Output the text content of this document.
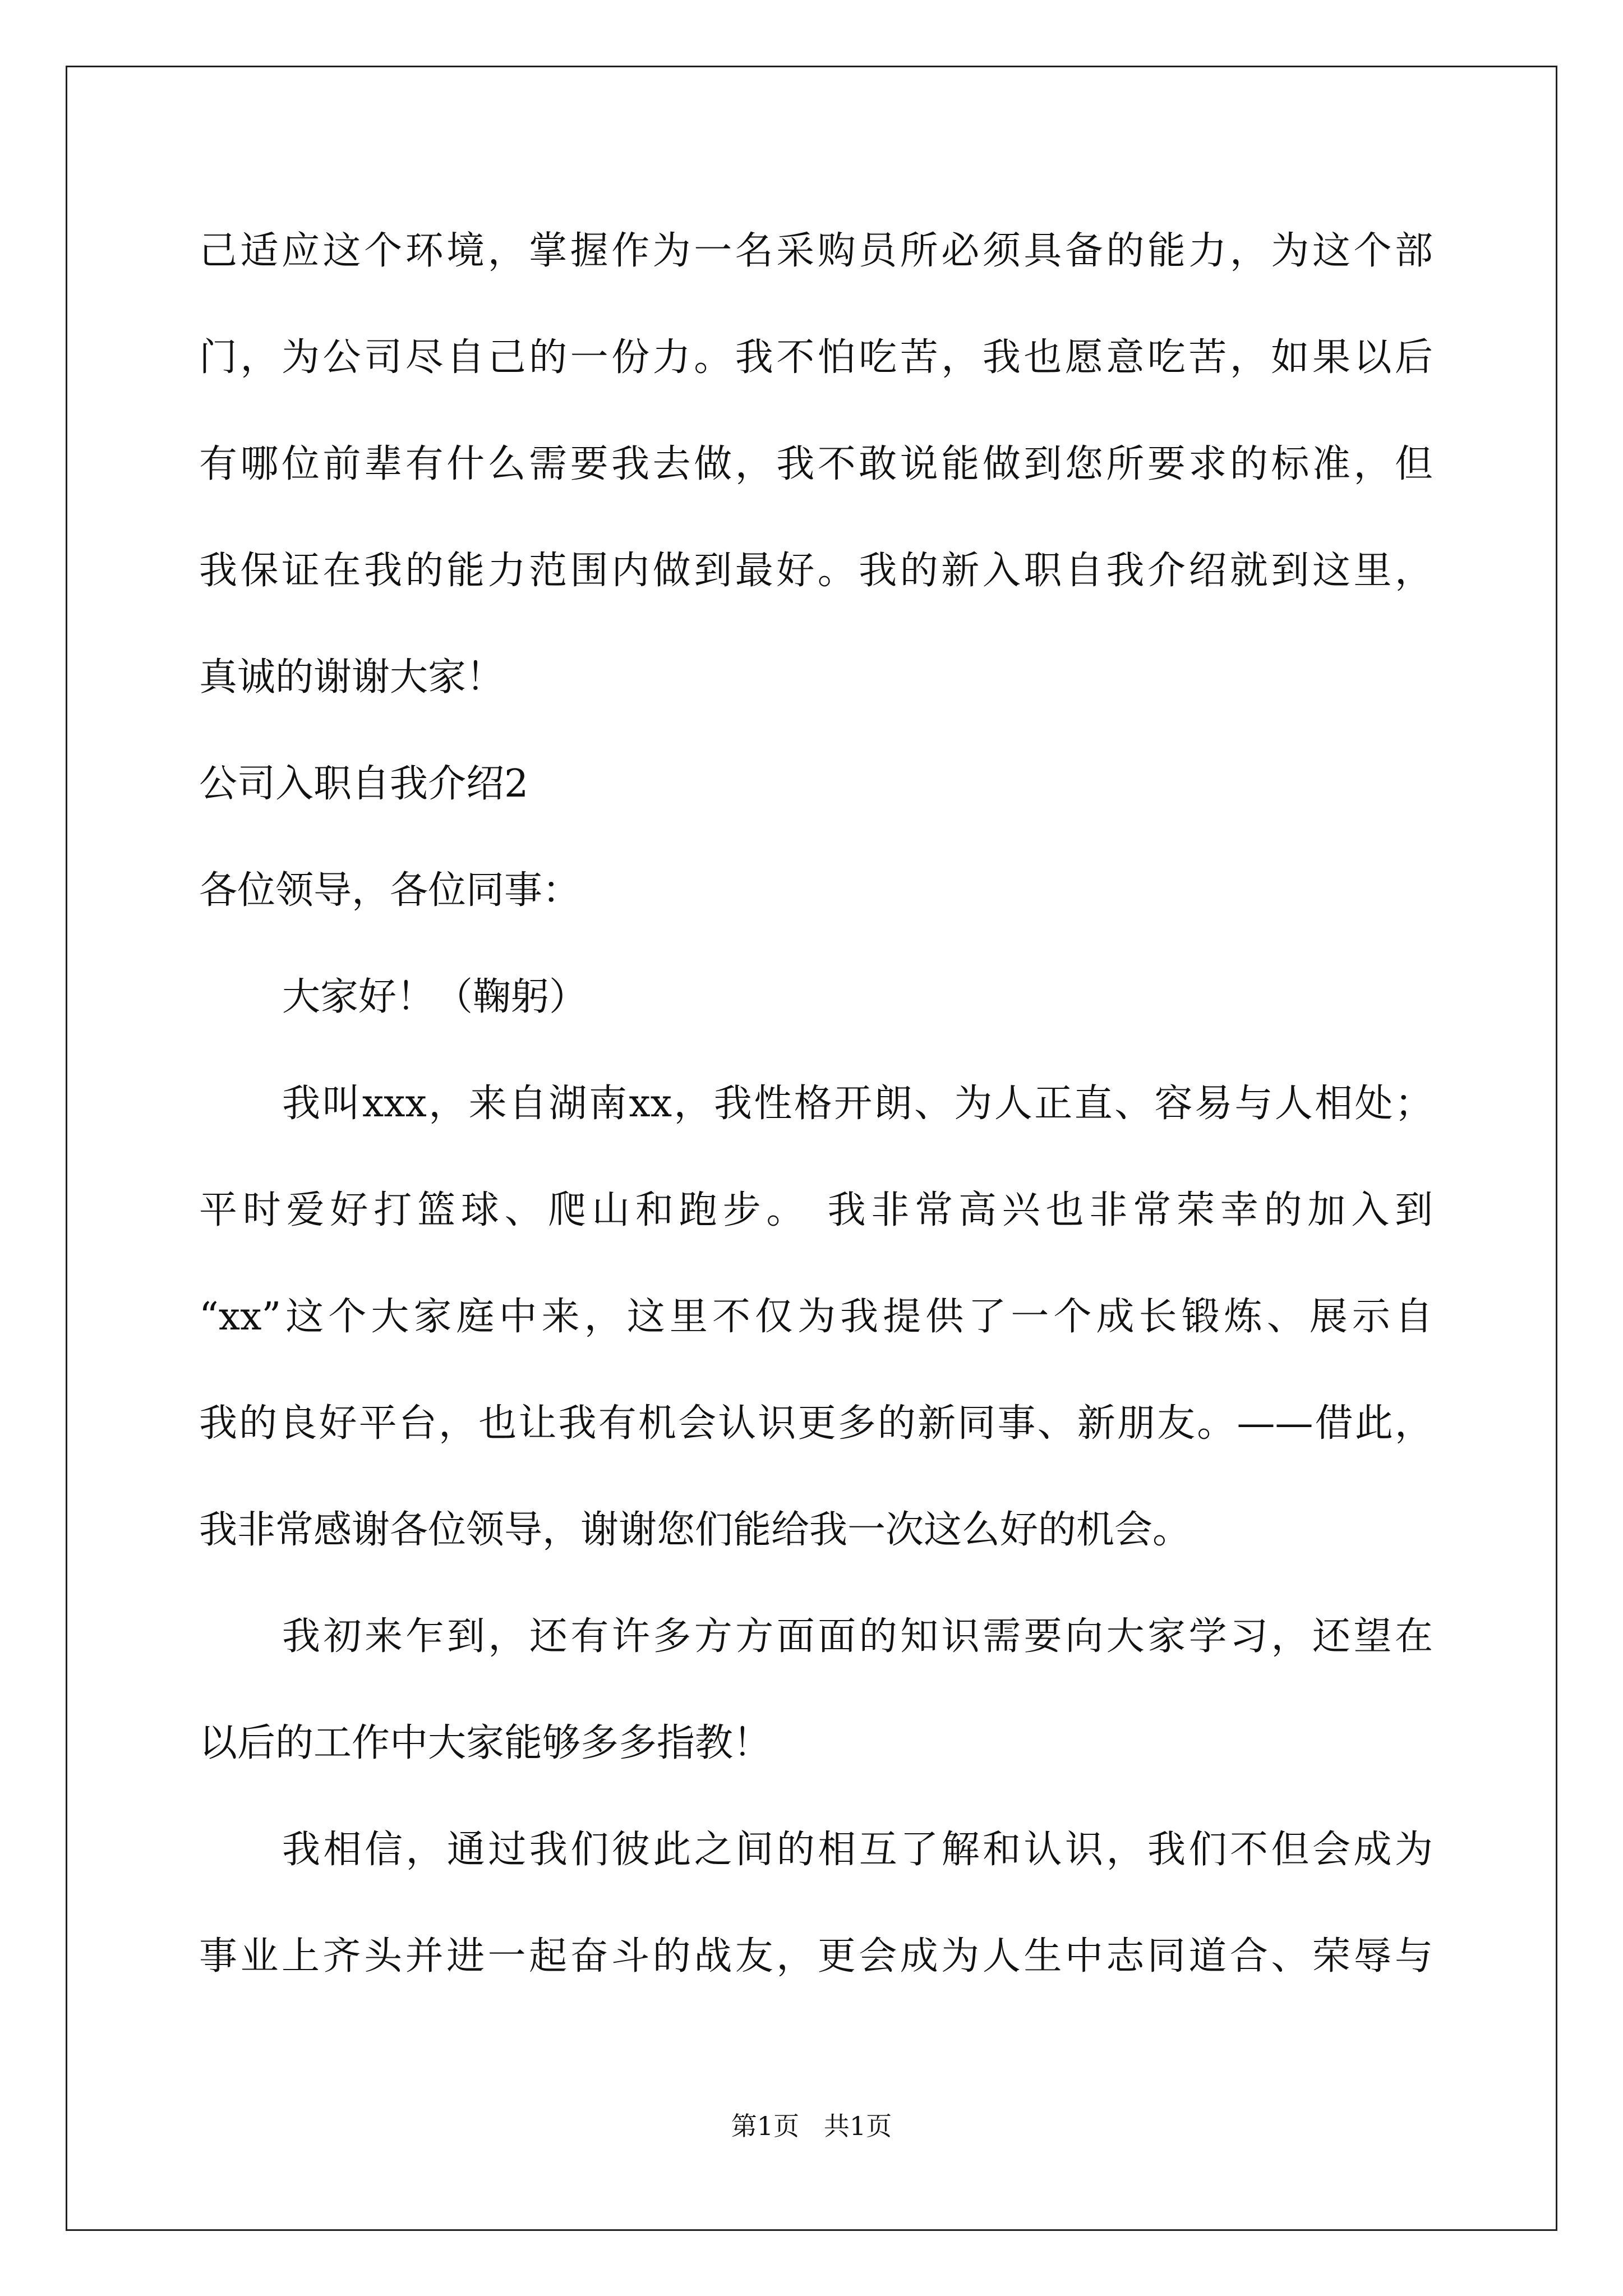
己适应这个环境，掌握作为一名采购员所必须具备的能力，为这个部
门，为公司尽自己的一份力。我不怕吃苦，我也愿意吃苦，如果以后
有哪位前辈有什么需要我去做，我不敢说能做到您所要求的标准，但
我保证在我的能力范围内做到最好。我的新入职自我介绍就到这里，
真诚的谢谢大家！
公司入职自我介绍2
各位领导，各位同事：
大家好！（鞠躬）
我叫xxx，来自湖南xx，我性格开朗、为人正直、容易与人相处；
平时爱好打篮球、爬山和跑步。 我非常高兴也非常荣幸的加入到
“xx”这个大家庭中来，这里不仅为我提供了一个成长锻炼、展示自
我的良好平台，也让我有机会认识更多的新同事、新朋友。——借此，
我非常感谢各位领导，谢谢您们能给我一次这么好的机会。
我初来乍到，还有许多方方面面的知识需要向大家学习，还望在
以后的工作中大家能够多多指教！
我相信，通过我们彼此之间的相互了解和认识，我们不但会成为
事业上齐头并进一起奋斗的战友，更会成为人生中志同道合、荣辱与
第1页   共1页
